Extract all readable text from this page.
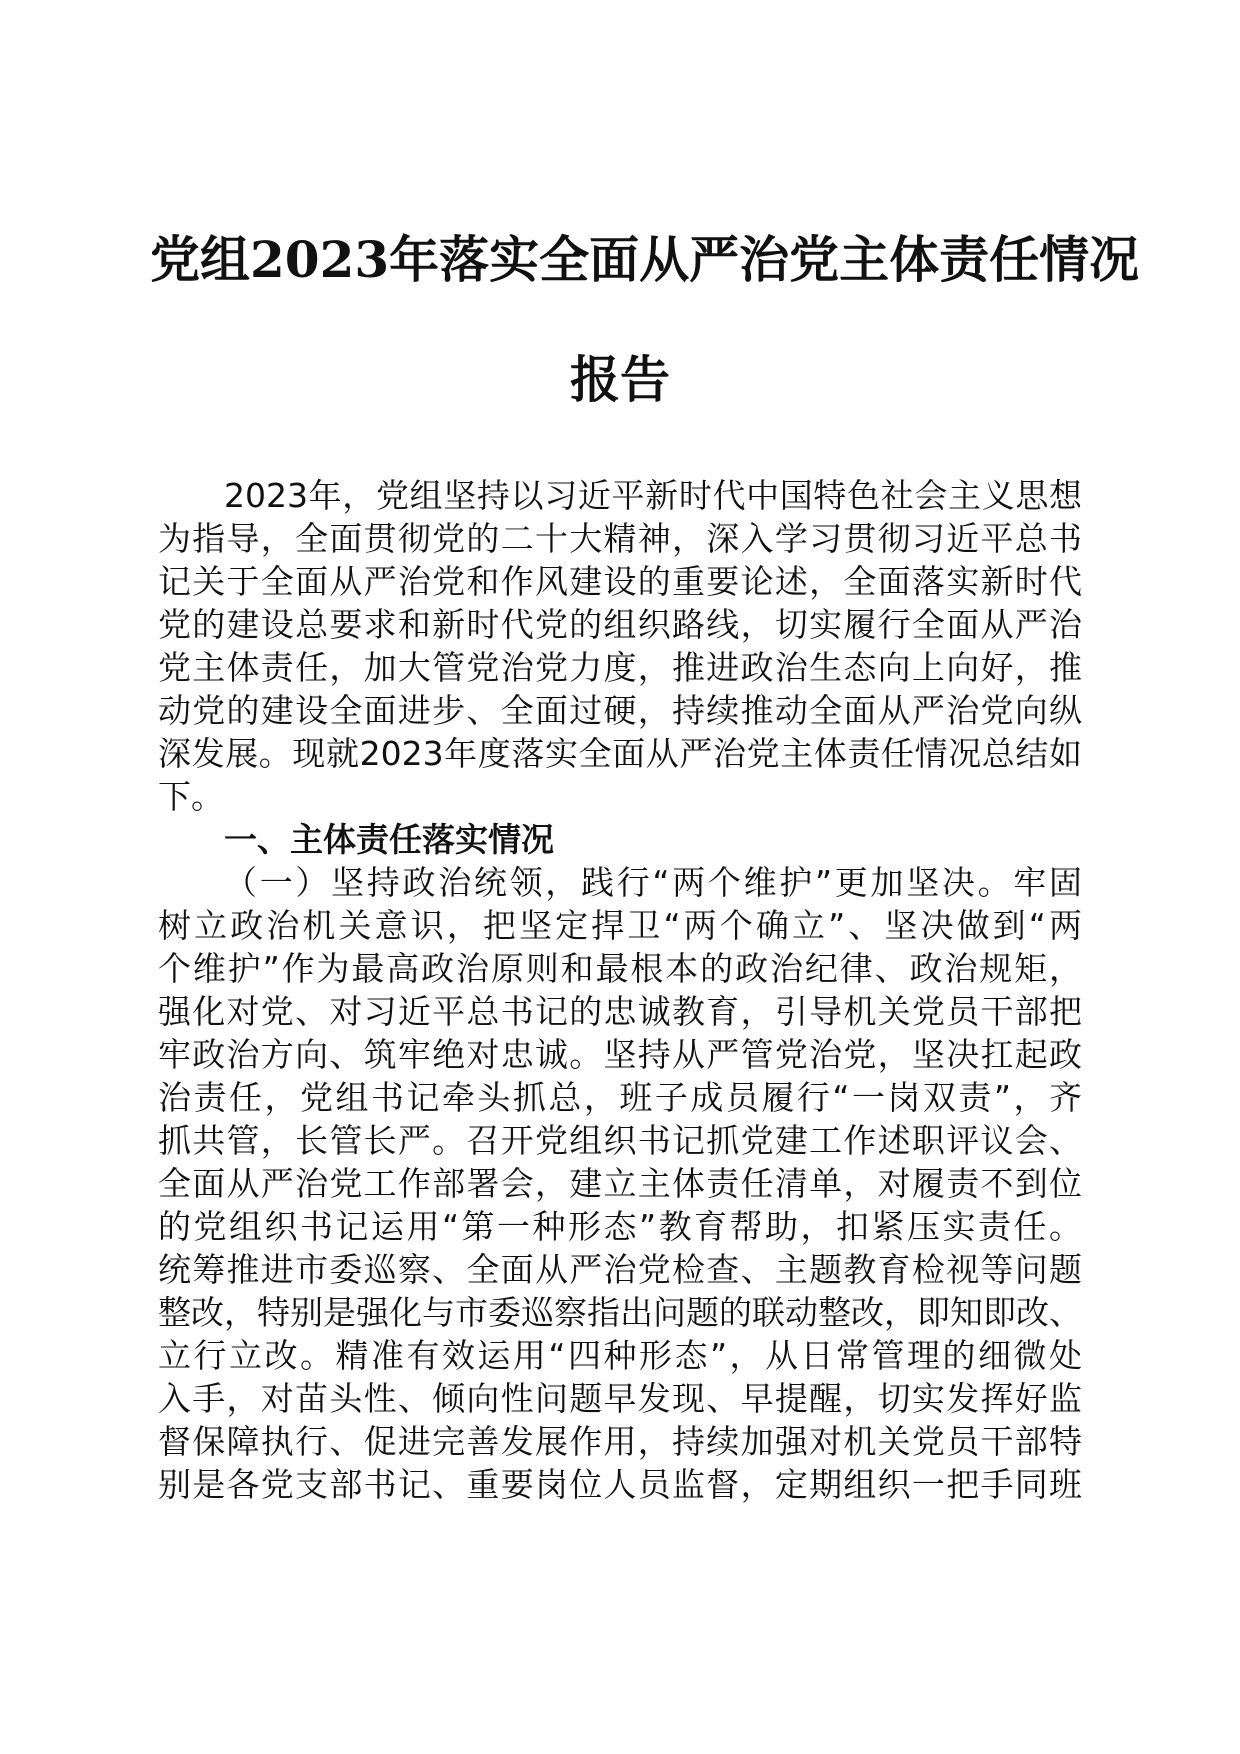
党组2023年落实全面从严治党主体责任情况
报告
2023年，党组坚持以习近平新时代中国特色社会主义思想
为指导，全面贯彻党的二十大精神，深入学习贯彻习近平总书
记关于全面从严治党和作风建设的重要论述，全面落实新时代
党的建设总要求和新时代党的组织路线，切实履行全面从严治
党主体责任，加大管党治党力度，推进政治生态向上向好，推
动党的建设全面进步、全面过硬，持续推动全面从严治党向纵
深发展。现就2023年度落实全面从严治党主体责任情况总结如
下。
一、主体责任落实情况
（一）坚持政治统领，践行“两个维护”更加坚决。牢固
树立政治机关意识，把坚定捍卫“两个确立”、坚决做到“两
个维护”作为最高政治原则和最根本的政治纪律、政治规矩，
强化对党、对习近平总书记的忠诚教育，引导机关党员干部把
牢政治方向、筑牢绝对忠诚。坚持从严管党治党，坚决扛起政
治责任，党组书记牵头抓总，班子成员履行“一岗双责”，齐
抓共管，长管长严。召开党组织书记抓党建工作述职评议会、
全面从严治党工作部署会，建立主体责任清单，对履责不到位
的党组织书记运用“第一种形态”教育帮助，扣紧压实责任。
统筹推进市委巡察、全面从严治党检查、主题教育检视等问题
整改，特别是强化与市委巡察指出问题的联动整改，即知即改、
立行立改。精准有效运用“四种形态”，从日常管理的细微处
入手，对苗头性、倾向性问题早发现、早提醒，切实发挥好监
督保障执行、促进完善发展作用，持续加强对机关党员干部特
别是各党支部书记、重要岗位人员监督，定期组织一把手同班
